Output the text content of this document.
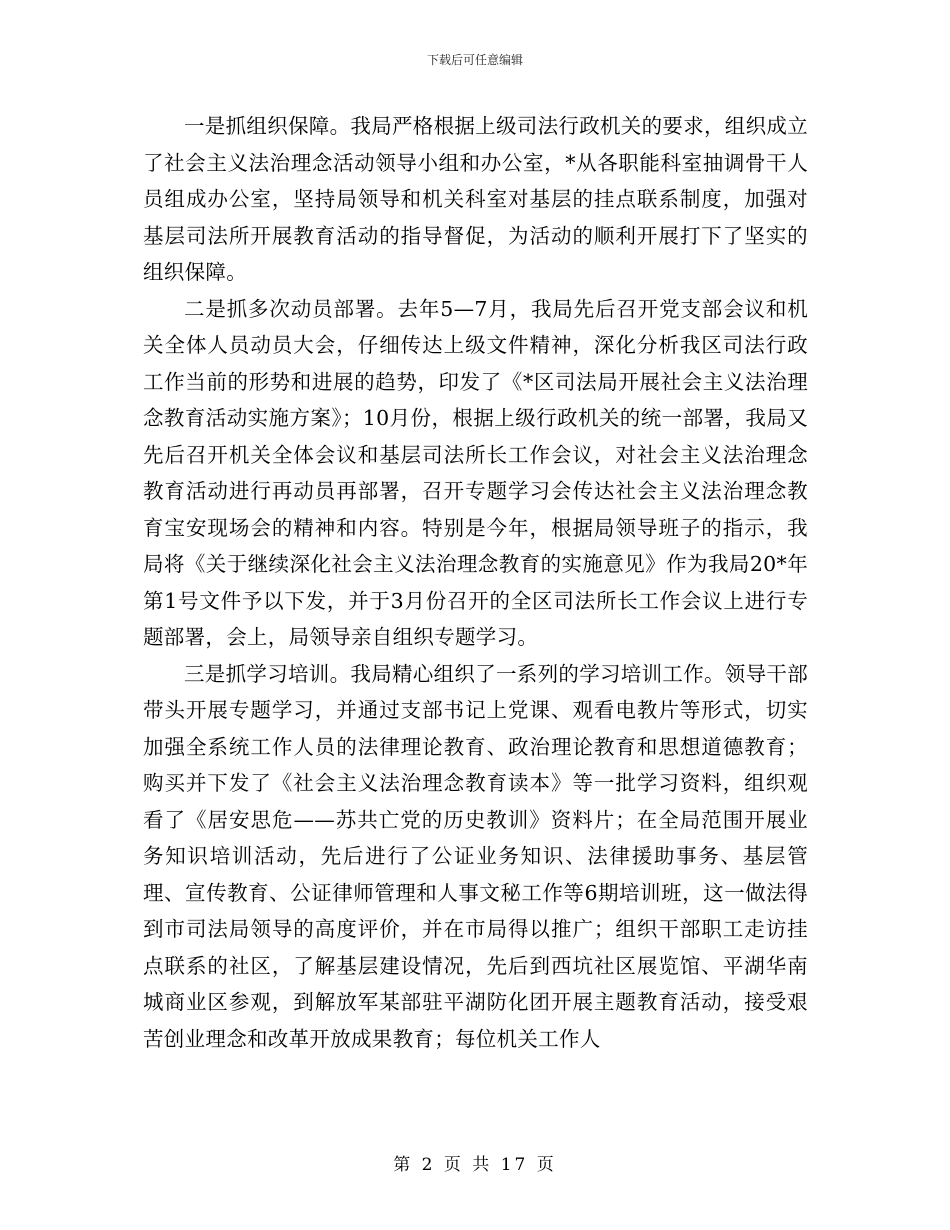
下载后可任意编辑

一是抓组织保障。我局严格根据上级司法行政机关的要求，组织成立了社会主义法治理念活动领导小组和办公室，*从各职能科室抽调骨干人员组成办公室，坚持局领导和机关科室对基层的挂点联系制度，加强对基层司法所开展教育活动的指导督促，为活动的顺利开展打下了坚实的组织保障。

二是抓多次动员部署。去年5—7月，我局先后召开党支部会议和机关全体人员动员大会，仔细传达上级文件精神，深化分析我区司法行政工作当前的形势和进展的趋势，印发了《*区司法局开展社会主义法治理念教育活动实施方案》；10月份，根据上级行政机关的统一部署，我局又先后召开机关全体会议和基层司法所长工作会议，对社会主义法治理念教育活动进行再动员再部署，召开专题学习会传达社会主义法治理念教育宝安现场会的精神和内容。特别是今年，根据局领导班子的指示，我局将《关于继续深化社会主义法治理念教育的实施意见》作为我局20*年第1号文件予以下发，并于3月份召开的全区司法所长工作会议上进行专题部署，会上，局领导亲自组织专题学习。

三是抓学习培训。我局精心组织了一系列的学习培训工作。领导干部带头开展专题学习，并通过支部书记上党课、观看电教片等形式，切实加强全系统工作人员的法律理论教育、政治理论教育和思想道德教育；购买并下发了《社会主义法治理念教育读本》等一批学习资料，组织观看了《居安思危——苏共亡党的历史教训》资料片；在全局范围开展业务知识培训活动，先后进行了公证业务知识、法律援助事务、基层管理、宣传教育、公证律师管理和人事文秘工作等6期培训班，这一做法得到市司法局领导的高度评价，并在市局得以推广；组织干部职工走访挂点联系的社区，了解基层建设情况，先后到西坑社区展览馆、平湖华南城商业区参观，到解放军某部驻平湖防化团开展主题教育活动，接受艰苦创业理念和改革开放成果教育；每位机关工作人

第 2 页 共 17 页
